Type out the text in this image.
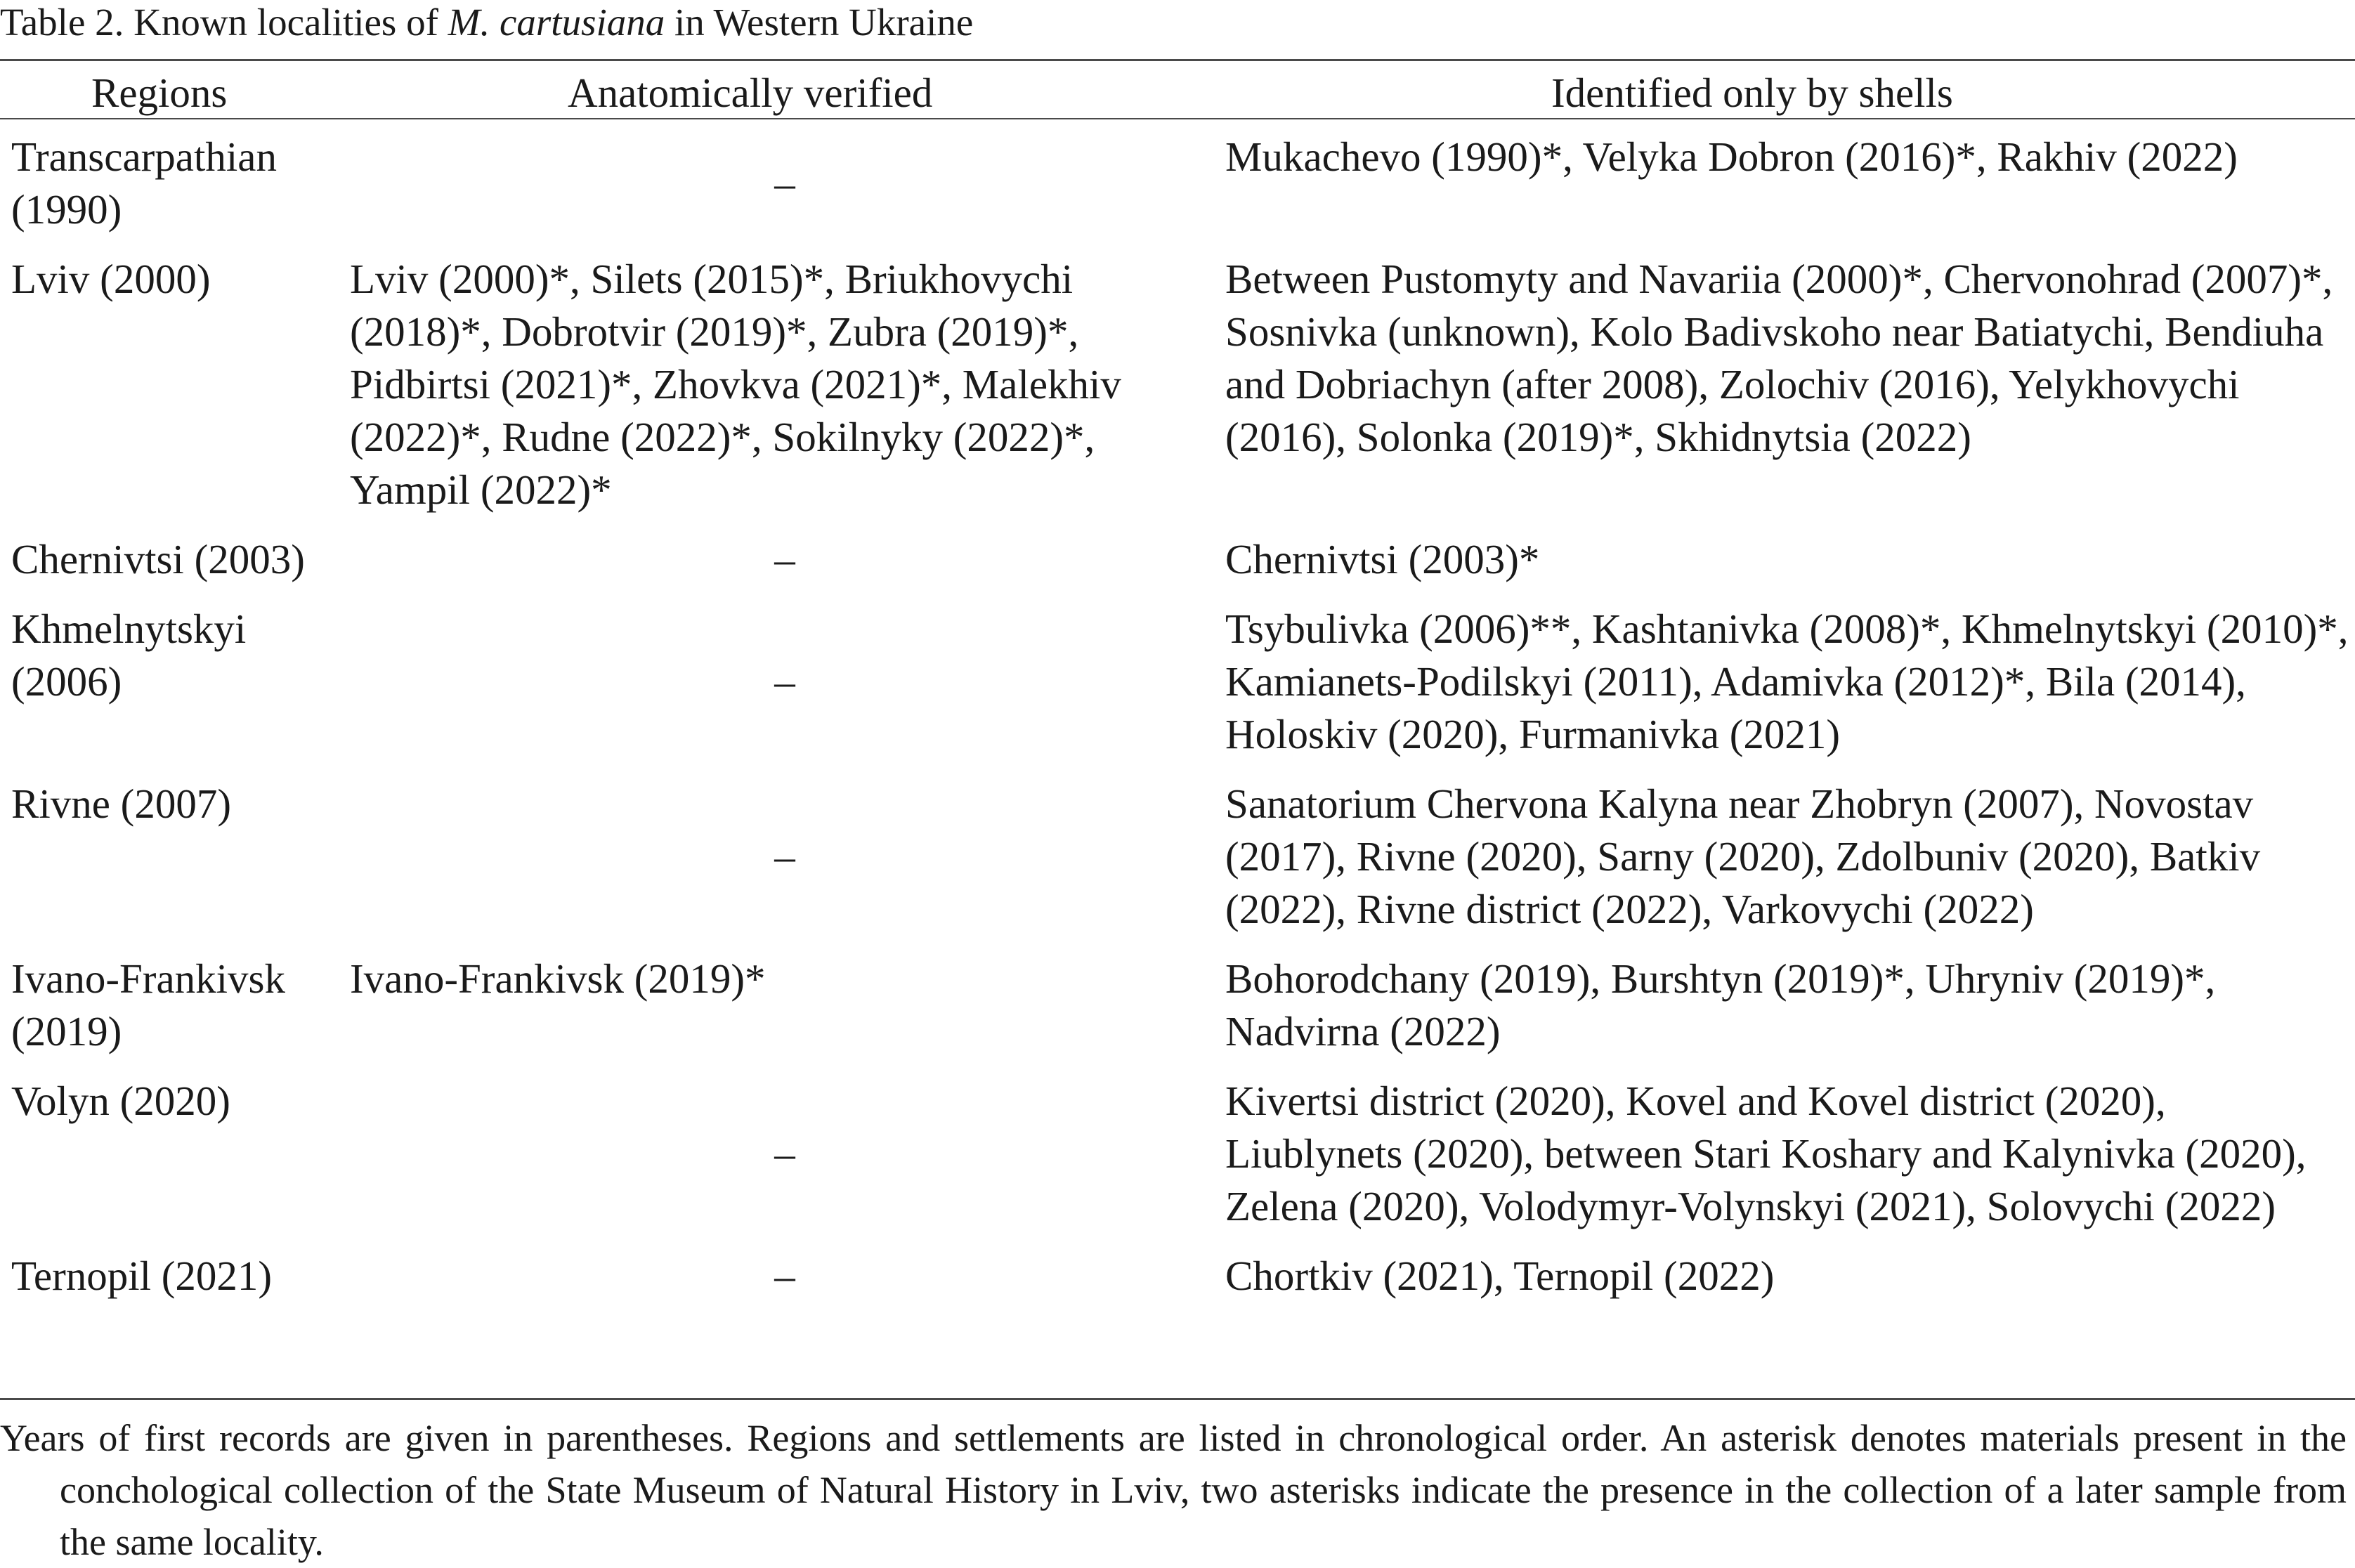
Table 2. Known localities of M. cartusiana in Western Ukraine
Regions	Anatomically verified	Identified only by shells
Transcarpathian (1990)	–	Mukachevo (1990)*, Velyka Dobron (2016)*, Rakhiv (2022)
Lviv (2000)	Lviv (2000)*, Silets (2015)*, Briukhovychi (2018)*, Dobrotvir (2019)*, Zubra (2019)*, Pidbirtsi (2021)*, Zhovkva (2021)*, Malekhiv (2022)*, Rudne (2022)*, Sokilnyky (2022)*, Yampil (2022)*	Between Pustomyty and Navariia (2000)*, Chervonohrad (2007)*, Sosnivka (unknown), Kolo Badivskoho near Batiatychi, Bendiuha and Dobriachyn (after 2008), Zolochiv (2016), Yelykhovychi (2016), Solonka (2019)*, Skhidnytsia (2022)
Chernivtsi (2003)	–	Chernivtsi (2003)*
Khmelnytskyi (2006)	–	Tsybulivka (2006)**, Kashtanivka (2008)*, Khmelnytskyi (2010)*, Kamianets-Podilskyi (2011), Adamivka (2012)*, Bila (2014), Holoskiv (2020), Furmanivka (2021)
Rivne (2007)	–	Sanatorium Chervona Kalyna near Zhobryn (2007), Novostav (2017), Rivne (2020), Sarny (2020), Zdolbuniv (2020), Batkiv (2022), Rivne district (2022), Varkovychi (2022)
Ivano-Frankivsk (2019)	Ivano-Frankivsk (2019)*	Bohorodchany (2019), Burshtyn (2019)*, Uhryniv (2019)*, Nadvirna (2022)
Volyn (2020)	–	Kivertsi district (2020), Kovel and Kovel district (2020), Liublynets (2020), between Stari Koshary and Kalynivka (2020), Zelena (2020), Volodymyr-Volynskyi (2021), Solovychi (2022)
Ternopil (2021)	–	Chortkiv (2021), Ternopil (2022)
Years of first records are given in parentheses. Regions and settlements are listed in chronological order. An asterisk denotes materials present in the conchological collection of the State Museum of Natural History in Lviv, two asterisks indicate the presence in the collection of a later sample from the same locality.
